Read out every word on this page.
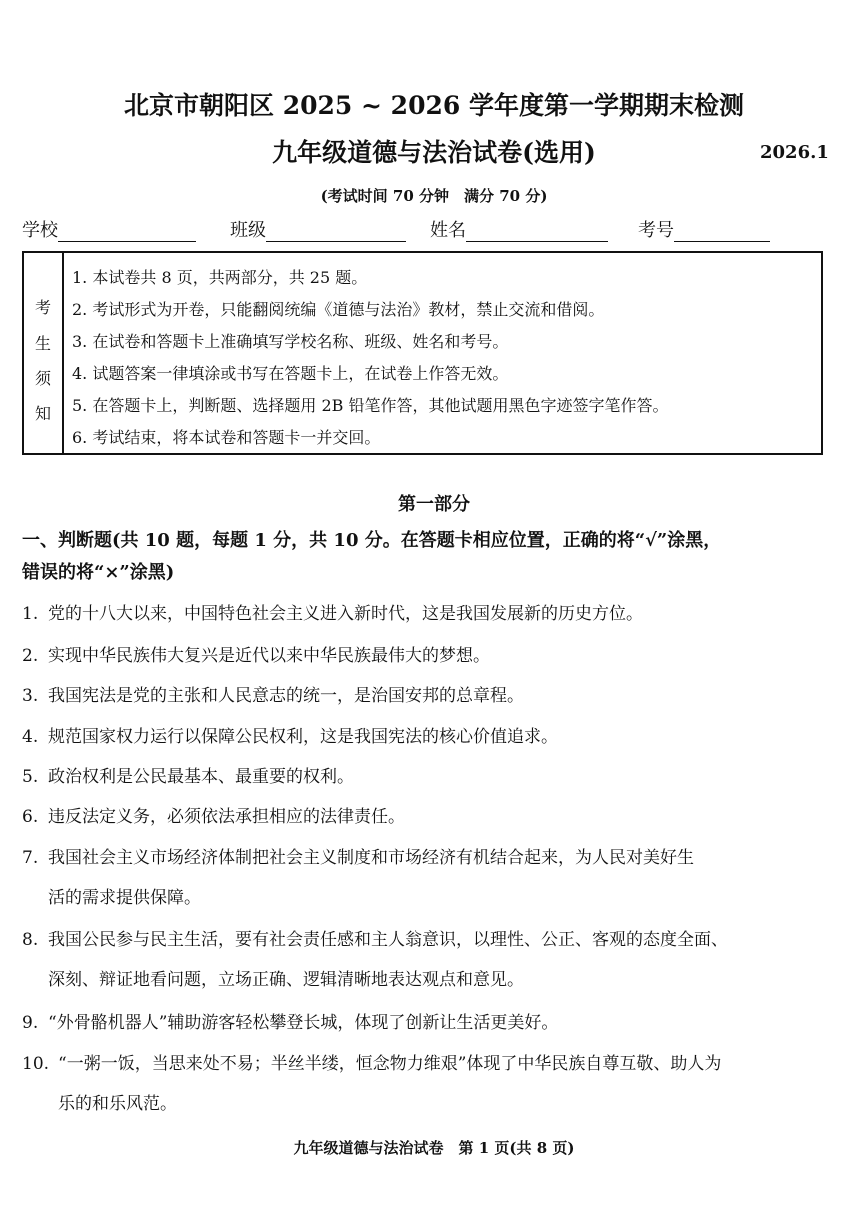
北京市朝阳区 2025 ~ 2026 学年度第一学期期末检测
九年级道德与法治试卷(选用)	2026.1
(考试时间 70 分钟　满分 70 分)
学校	班级	姓名	考号
考
生
须
知
1. 本试卷共 8 页，共两部分，共 25 题。
2. 考试形式为开卷，只能翻阅统编《道德与法治》教材，禁止交流和借阅。
3. 在试卷和答题卡上准确填写学校名称、班级、姓名和考号。
4. 试题答案一律填涂或书写在答题卡上，在试卷上作答无效。
5. 在答题卡上，判断题、选择题用 2B 铅笔作答，其他试题用黑色字迹签字笔作答。
6. 考试结束，将本试卷和答题卡一并交回。
第一部分
一、判断题(共 10 题，每题 1 分，共 10 分。在答题卡相应位置，正确的将“√”涂黑，
错误的将“×”涂黑)
1. 党的十八大以来，中国特色社会主义进入新时代，这是我国发展新的历史方位。
2. 实现中华民族伟大复兴是近代以来中华民族最伟大的梦想。
3. 我国宪法是党的主张和人民意志的统一，是治国安邦的总章程。
4. 规范国家权力运行以保障公民权利，这是我国宪法的核心价值追求。
5. 政治权利是公民最基本、最重要的权利。
6. 违反法定义务，必须依法承担相应的法律责任。
7. 我国社会主义市场经济体制把社会主义制度和市场经济有机结合起来，为人民对美好生
活的需求提供保障。
8. 我国公民参与民主生活，要有社会责任感和主人翁意识，以理性、公正、客观的态度全面、
深刻、辩证地看问题，立场正确、逻辑清晰地表达观点和意见。
9. “外骨骼机器人”辅助游客轻松攀登长城，体现了创新让生活更美好。
10. “一粥一饭，当思来处不易；半丝半缕，恒念物力维艰”体现了中华民族自尊互敬、助人为
乐的和乐风范。
九年级道德与法治试卷　第 1 页(共 8 页)
